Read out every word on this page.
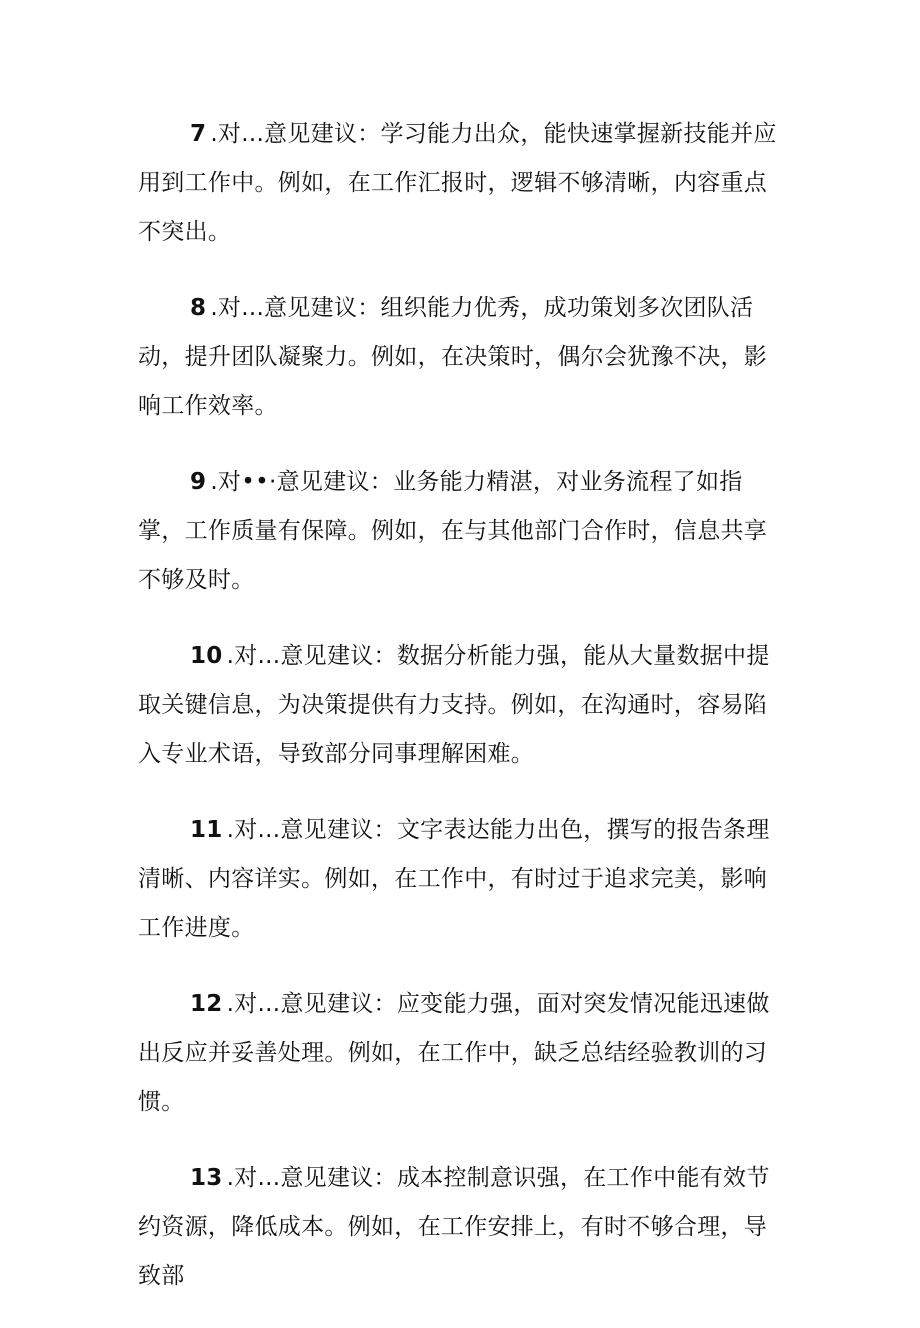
7 .对...意见建议：学习能力出众，能快速掌握新技能并应用到工作中。例如，在工作汇报时，逻辑不够清晰，内容重点不突出。

8 .对...意见建议：组织能力优秀，成功策划多次团队活动，提升团队凝聚力。例如，在决策时，偶尔会犹豫不决，影响工作效率。

9 .对••·意见建议：业务能力精湛，对业务流程了如指掌，工作质量有保障。例如，在与其他部门合作时，信息共享不够及时。

10 .对...意见建议：数据分析能力强，能从大量数据中提取关键信息，为决策提供有力支持。例如，在沟通时，容易陷入专业术语，导致部分同事理解困难。

11 .对...意见建议：文字表达能力出色，撰写的报告条理清晰、内容详实。例如，在工作中，有时过于追求完美，影响工作进度。

12 .对...意见建议：应变能力强，面对突发情况能迅速做出反应并妥善处理。例如，在工作中，缺乏总结经验教训的习惯。

13 .对...意见建议：成本控制意识强，在工作中能有效节约资源，降低成本。例如，在工作安排上，有时不够合理，导致部
